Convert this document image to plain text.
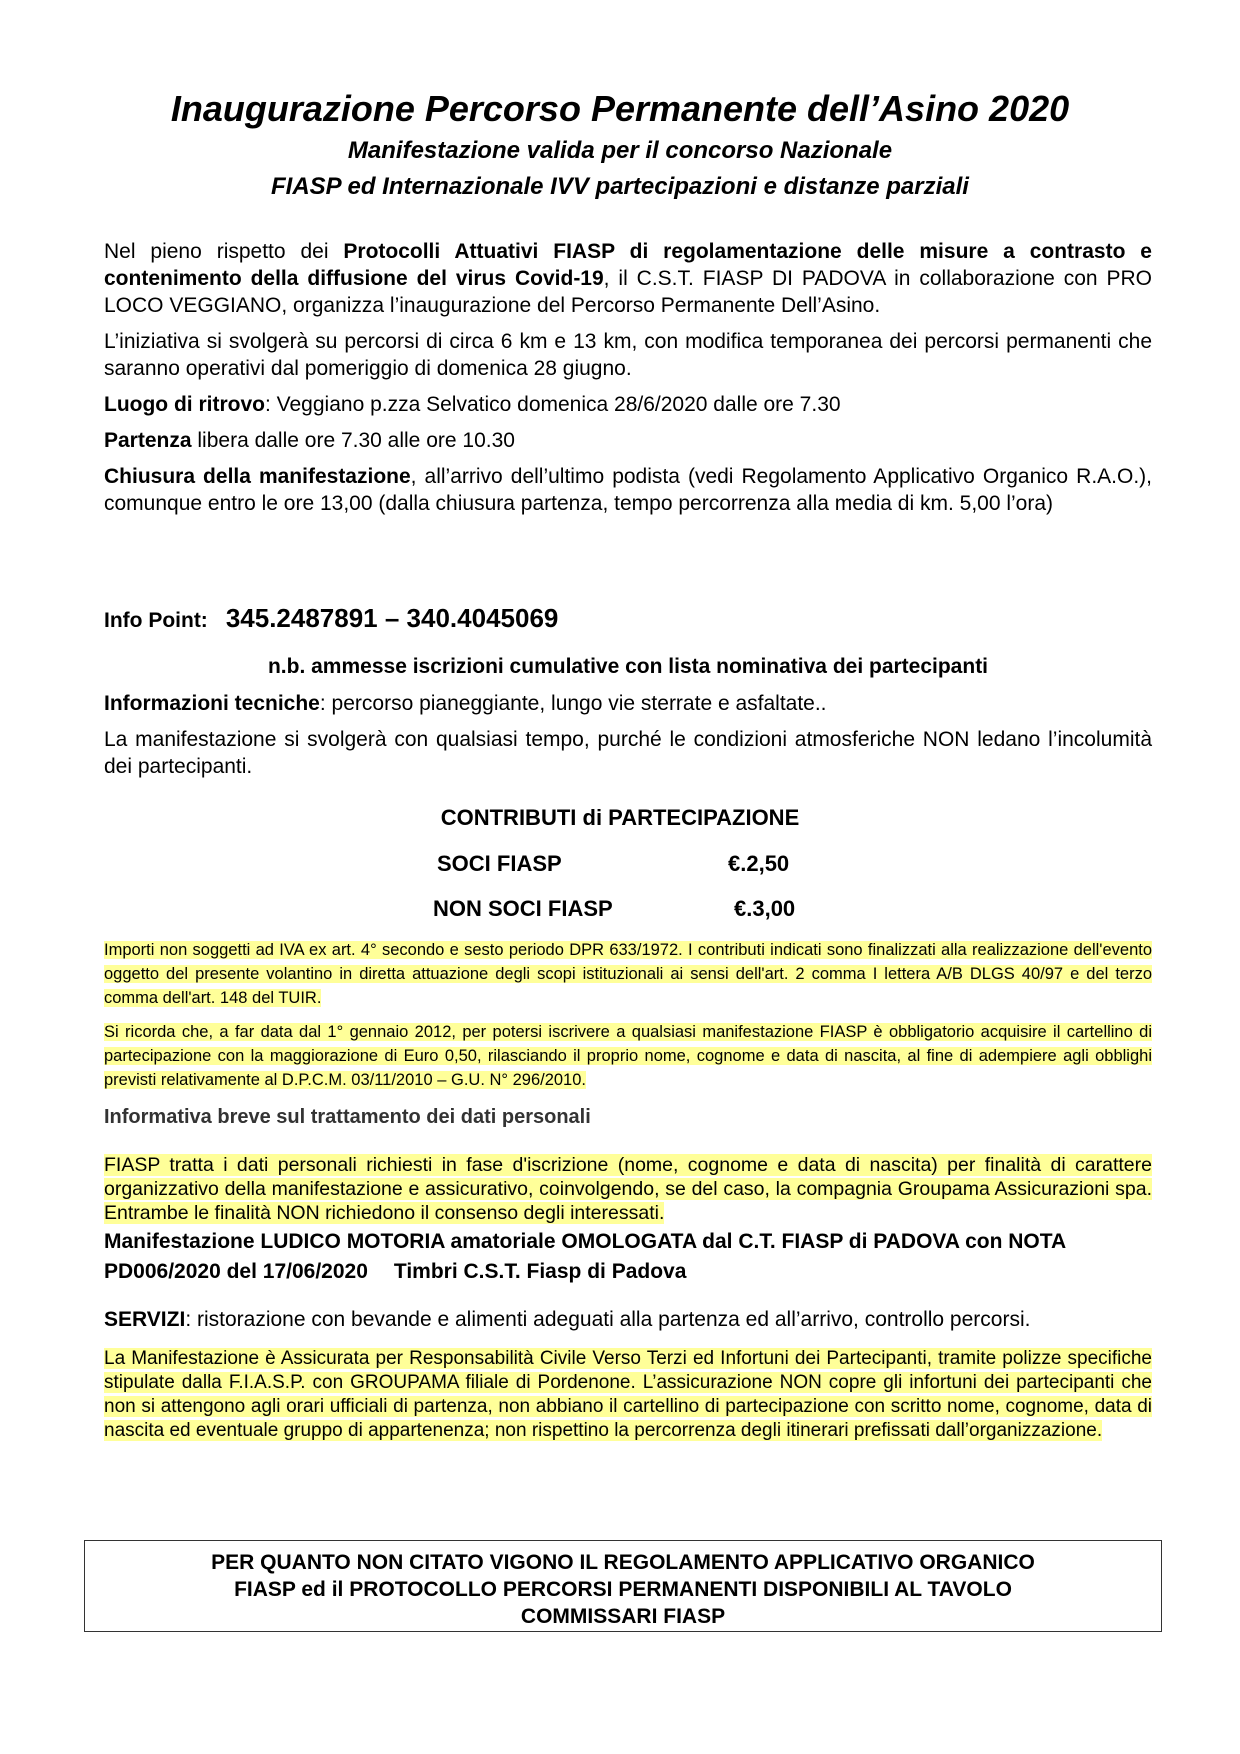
Inaugurazione Percorso Permanente dell’Asino 2020
Manifestazione valida per il concorso Nazionale
FIASP ed Internazionale IVV partecipazioni e distanze parziali

Nel pieno rispetto dei Protocolli Attuativi FIASP di regolamentazione delle misure a contrasto e contenimento della diffusione del virus Covid-19, il C.S.T. FIASP DI PADOVA in collaborazione con PRO LOCO VEGGIANO, organizza l’inaugurazione del Percorso Permanente Dell’Asino.

L’iniziativa si svolgerà su percorsi di circa 6 km e 13 km, con modifica temporanea dei percorsi permanenti che saranno operativi dal pomeriggio di domenica 28 giugno.

Luogo di ritrovo: Veggiano p.zza Selvatico domenica 28/6/2020 dalle ore 7.30

Partenza libera dalle ore 7.30 alle ore 10.30

Chiusura della manifestazione, all’arrivo dell’ultimo podista (vedi Regolamento Applicativo Organico R.A.O.), comunque entro le ore 13,00 (dalla chiusura partenza, tempo percorrenza alla media di km. 5,00 l’ora)

Info Point: 345.2487891 – 340.4045069

n.b. ammesse iscrizioni cumulative con lista nominativa dei partecipanti

Informazioni tecniche: percorso pianeggiante, lungo vie sterrate e asfaltate..

La manifestazione si svolgerà con qualsiasi tempo, purché le condizioni atmosferiche NON ledano l’incolumità dei partecipanti.

CONTRIBUTI di PARTECIPAZIONE

SOCI FIASP	€.2,50
NON SOCI FIASP	€.3,00

Importi non soggetti ad IVA ex art. 4° secondo e sesto periodo DPR 633/1972. I contributi indicati sono finalizzati alla realizzazione dell'evento oggetto del presente volantino in diretta attuazione degli scopi istituzionali ai sensi dell'art. 2 comma I lettera A/B DLGS 40/97 e del terzo comma dell'art. 148 del TUIR.

Si ricorda che, a far data dal 1° gennaio 2012, per potersi iscrivere a qualsiasi manifestazione FIASP è obbligatorio acquisire il cartellino di partecipazione con la maggiorazione di Euro 0,50, rilasciando il proprio nome, cognome e data di nascita, al fine di adempiere agli obblighi previsti relativamente al D.P.C.M. 03/11/2010 – G.U. N° 296/2010.

Informativa breve sul trattamento dei dati personali

FIASP tratta i dati personali richiesti in fase d'iscrizione (nome, cognome e data di nascita) per finalità di carattere organizzativo della manifestazione e assicurativo, coinvolgendo, se del caso, la compagnia Groupama Assicurazioni spa. Entrambe le finalità NON richiedono il consenso degli interessati.

Manifestazione LUDICO MOTORIA amatoriale OMOLOGATA dal C.T. FIASP di PADOVA con NOTA

PD006/2020 del 17/06/2020 Timbri C.S.T. Fiasp di Padova

SERVIZI: ristorazione con bevande e alimenti adeguati alla partenza ed all’arrivo, controllo percorsi.

La Manifestazione è Assicurata per Responsabilità Civile Verso Terzi ed Infortuni dei Partecipanti, tramite polizze specifiche stipulate dalla F.I.A.S.P. con GROUPAMA filiale di Pordenone. L’assicurazione NON copre gli infortuni dei partecipanti che non si attengono agli orari ufficiali di partenza, non abbiano il cartellino di partecipazione con scritto nome, cognome, data di nascita ed eventuale gruppo di appartenenza; non rispettino la percorrenza degli itinerari prefissati dall’organizzazione.

PER QUANTO NON CITATO VIGONO IL REGOLAMENTO APPLICATIVO ORGANICO
FIASP ed il PROTOCOLLO PERCORSI PERMANENTI DISPONIBILI AL TAVOLO
COMMISSARI FIASP
